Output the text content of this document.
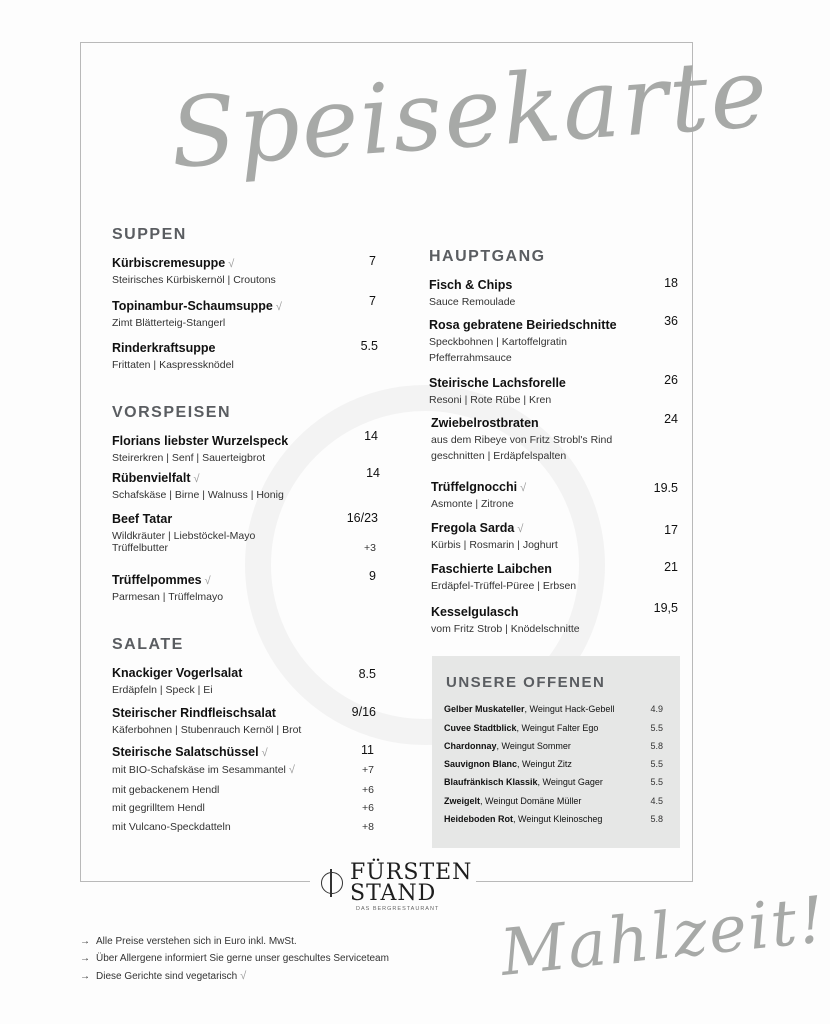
Speisekarte
SUPPEN
Kürbiscremesuppe √
Steirisches Kürbiskernöl | Croutons
7
Topinambur-Schaumsuppe √
Zimt Blätterteig-Stangerl
7
Rinderkraftsuppe
Frittaten | Kaspressknödel
5.5
VORSPEISEN
Florians liebster Wurzelspeck
Steirerkren | Senf | Sauerteigbrot
14
Rübenvielfalt √
Schafskäse | Birne | Walnuss | Honig
14
Beef Tatar
Wildkräuter | Liebstöckel-Mayo
16/23
Trüffelbutter	+3
Trüffelpommes √
Parmesan | Trüffelmayo
9
SALATE
Knackiger Vogerlsalat
Erdäpfeln | Speck | Ei
8.5
Steirischer Rindfleischsalat
Käferbohnen | Stubenrauch Kernöl | Brot
9/16
Steirische Salatschüssel √	11
mit BIO-Schafskäse im Sesammantel √	+7
mit gebackenem Hendl	+6
mit gegrilltem Hendl	+6
mit Vulcano-Speckdatteln	+8
HAUPTGANG
Fisch & Chips
Sauce Remoulade
18
Rosa gebratene Beiriedschnitte
Speckbohnen | Kartoffelgratin
Pfefferrahmsauce
36
Steirische Lachsforelle
Resoni | Rote Rübe | Kren
26
Zwiebelrostbraten
aus dem Ribeye von Fritz Strobl's Rind
geschnitten | Erdäpfelspalten
24
Trüffelgnocchi √
Asmonte | Zitrone
19.5
Fregola Sarda √
Kürbis | Rosmarin | Joghurt
17
Faschierte Laibchen
Erdäpfel-Trüffel-Püree | Erbsen
21
Kesselgulasch
vom Fritz Strob | Knödelschnitte
19,5
UNSERE OFFENEN
Gelber Muskateller, Weingut Hack-Gebell	4.9
Cuvee Stadtblick, Weingut Falter Ego	5.5
Chardonnay, Weingut Sommer	5.8
Sauvignon Blanc, Weingut Zitz	5.5
Blaufränkisch Klassik, Weingut Gager	5.5
Zweigelt, Weingut Domäne Müller	4.5
Heideboden Rot, Weingut Kleinoscheg	5.8
FÜRSTEN
STAND
DAS BERGRESTAURANT
→ Alle Preise verstehen sich in Euro inkl. MwSt.
→ Über Allergene informiert Sie gerne unser geschultes Serviceteam
→ Diese Gerichte sind vegetarisch √	Mahlzeit!
